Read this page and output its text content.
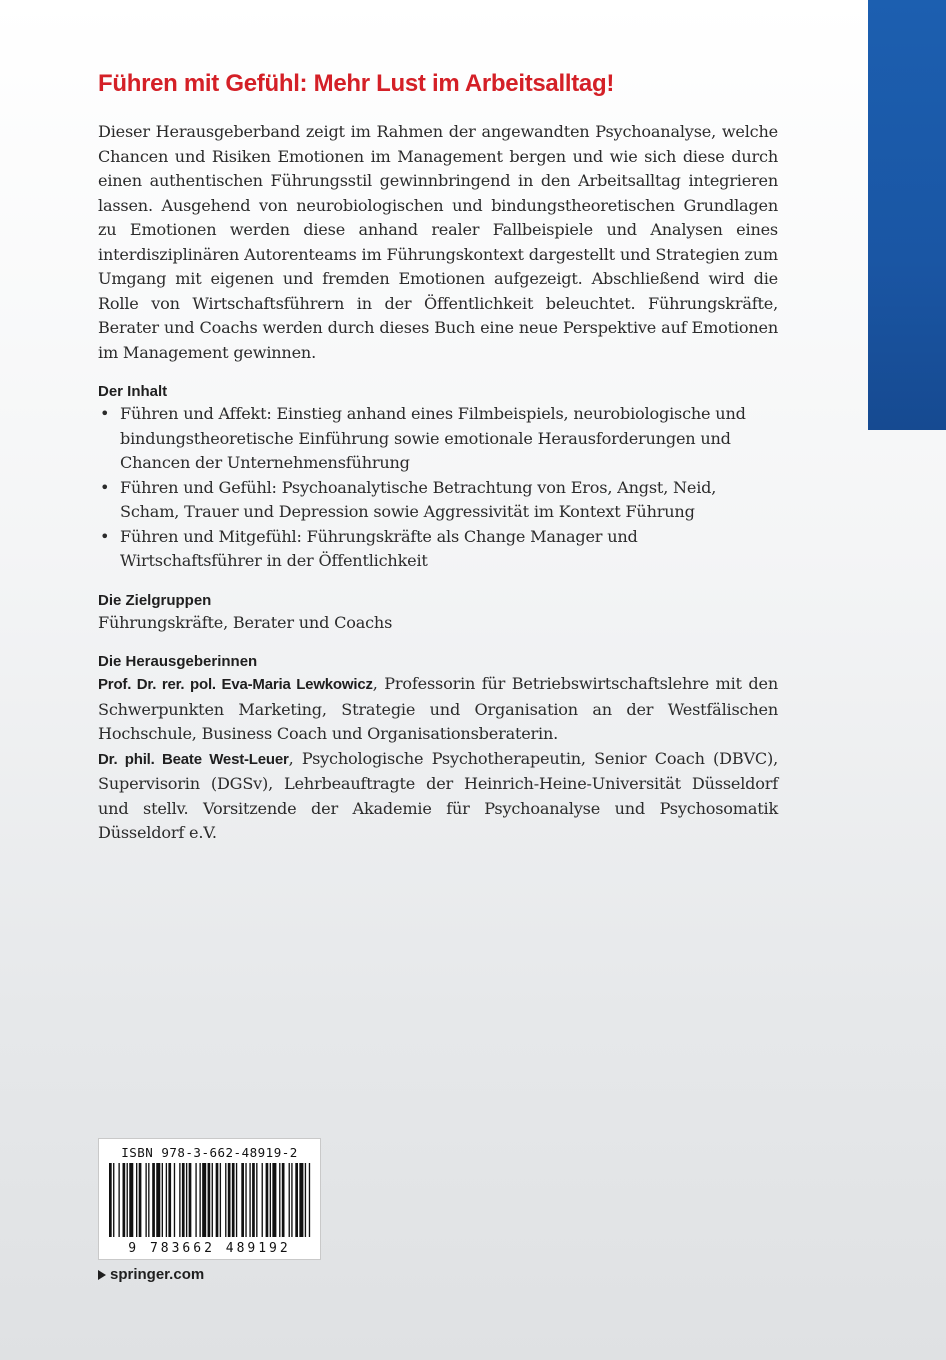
Führen mit Gefühl: Mehr Lust im Arbeitsalltag!

Dieser Herausgeberband zeigt im Rahmen der angewandten Psychoanalyse, welche Chancen und Risiken Emotionen im Management bergen und wie sich diese durch einen authentischen Führungsstil gewinnbringend in den Arbeitsalltag integrieren lassen. Ausgehend von neurobiologischen und bindungstheoretischen Grundlagen zu Emotionen werden diese anhand realer Fallbeispiele und Analysen eines interdisziplinären Autorenteams im Führungskontext dargestellt und Strategien zum Umgang mit eigenen und fremden Emotionen aufgezeigt. Abschließend wird die Rolle von Wirtschaftsführern in der Öffentlichkeit beleuchtet. Führungskräfte, Berater und Coachs werden durch dieses Buch eine neue Perspektive auf Emotionen im Management gewinnen.

Der Inhalt
• Führen und Affekt: Einstieg anhand eines Filmbeispiels, neurobiologische und bindungstheoretische Einführung sowie emotionale Herausforderungen und Chancen der Unternehmensführung
• Führen und Gefühl: Psychoanalytische Betrachtung von Eros, Angst, Neid, Scham, Trauer und Depression sowie Aggressivität im Kontext Führung
• Führen und Mitgefühl: Führungskräfte als Change Manager und Wirtschaftsführer in der Öffentlichkeit
Die Zielgruppen

Führungskräfte, Berater und Coachs

Die Herausgeberinnen

Prof. Dr. rer. pol. Eva-Maria Lewkowicz, Professorin für Betriebswirtschaftslehre mit den Schwerpunkten Marketing, Strategie und Organisation an der Westfälischen Hochschule, Business Coach und Organisationsberaterin.

Dr. phil. Beate West-Leuer, Psychologische Psychotherapeutin, Senior Coach (DBVC), Supervisorin (DGSv), Lehrbeauftragte der Heinrich-Heine-Universität Düsseldorf und stellv. Vorsitzende der Akademie für Psychoanalyse und Psychosomatik Düsseldorf e.V.

ISBN 978-3-662-48919-2
9 783662 489192
springer.com
